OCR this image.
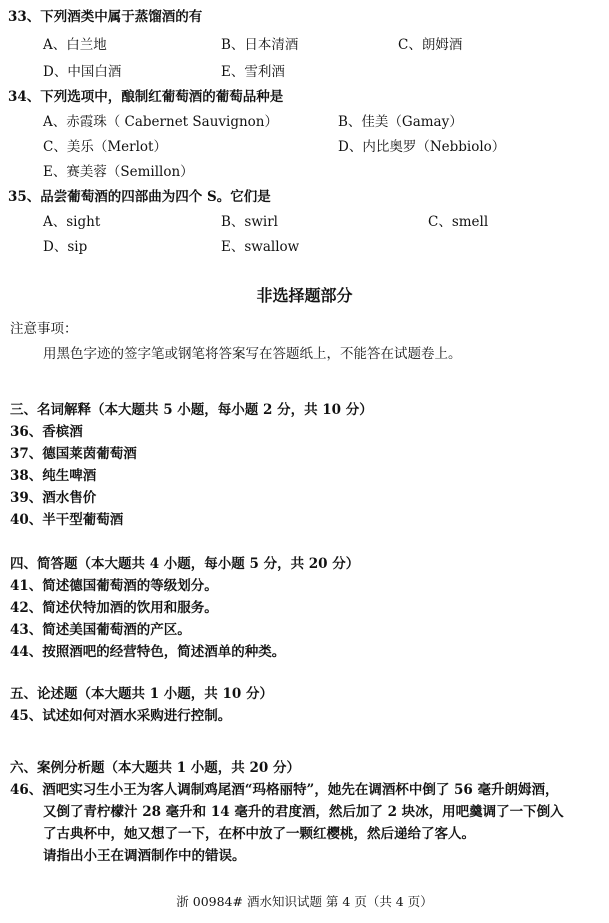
33、下列酒类中属于蒸馏酒的有
A、白兰地	B、日本清酒	C、朗姆酒
D、中国白酒	E、雪利酒
34、下列选项中，酿制红葡萄酒的葡萄品种是
A、赤霞珠（ Cabernet Sauvignon）	B、佳美（Gamay）
C、美乐（Merlot）	D、内比奥罗（Nebbiolo）
E、赛美蓉（Semillon）
35、品尝葡萄酒的四部曲为四个 S。它们是
A、sight	B、swirl	C、smell
D、sip	E、swallow
非选择题部分
注意事项：
用黑色字迹的签字笔或钢笔将答案写在答题纸上，不能答在试题卷上。
三、名词解释（本大题共 5 小题，每小题 2 分，共 10 分）
36、香槟酒
37、德国莱茵葡萄酒
38、纯生啤酒
39、酒水售价
40、半干型葡萄酒
四、简答题（本大题共 4 小题，每小题 5 分，共 20 分）
41、简述德国葡萄酒的等级划分。
42、简述伏特加酒的饮用和服务。
43、简述美国葡萄酒的产区。
44、按照酒吧的经营特色，简述酒单的种类。
五、论述题（本大题共 1 小题，共 10 分）
45、试述如何对酒水采购进行控制。
六、案例分析题（本大题共 1 小题，共 20 分）
46、酒吧实习生小王为客人调制鸡尾酒“玛格丽特”，她先在调酒杯中倒了 56 毫升朗姆酒，
又倒了青柠檬汁 28 毫升和 14 毫升的君度酒，然后加了 2 块冰，用吧羹调了一下倒入
了古典杯中，她又想了一下，在杯中放了一颗红樱桃，然后递给了客人。
请指出小王在调酒制作中的错误。
浙 00984# 酒水知识试题 第 4 页（共 4 页）
